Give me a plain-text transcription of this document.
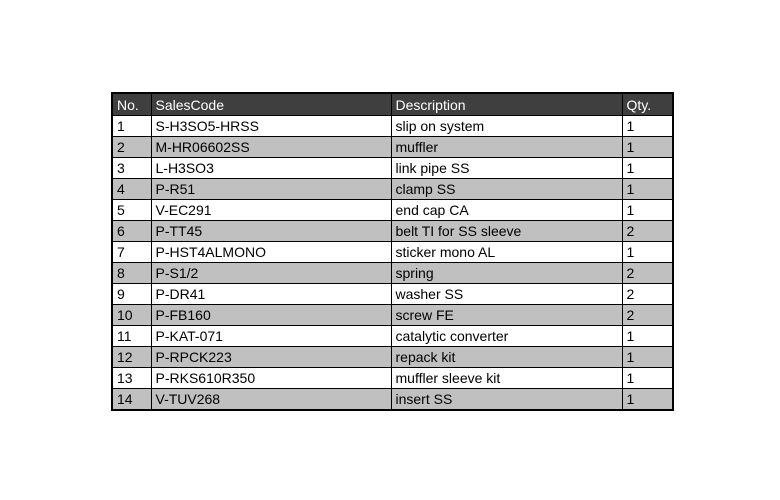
No.	SalesCode	Description	Qty.
1	S-H3SO5-HRSS	slip on system	1
2	M-HR06602SS	muffler	1
3	L-H3SO3	link pipe SS	1
4	P-R51	clamp SS	1
5	V-EC291	end cap CA	1
6	P-TT45	belt TI for SS sleeve	2
7	P-HST4ALMONO	sticker mono AL	1
8	P-S1/2	spring	2
9	P-DR41	washer SS	2
10	P-FB160	screw FE	2
11	P-KAT-071	catalytic converter	1
12	P-RPCK223	repack kit	1
13	P-RKS610R350	muffler sleeve kit	1
14	V-TUV268	insert SS	1
